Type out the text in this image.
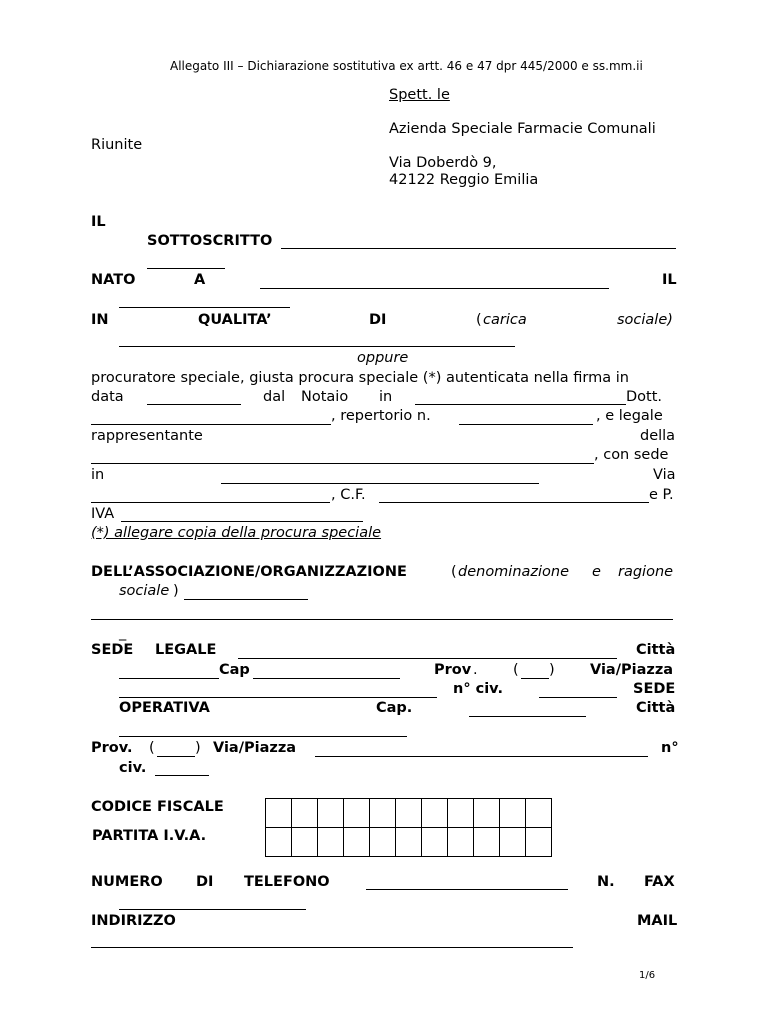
Allegato III – Dichiarazione sostitutiva ex artt. 46 e 47 dpr 445/2000 e ss.mm.ii
Spett. le
Azienda Speciale Farmacie Comunali
Riunite
Via Doberdò 9,
42122 Reggio Emilia
IL
SOTTOSCRITTO
NATO	A	IL
IN	QUALITA’	DI	( carica	sociale)
oppure
procuratore speciale, giusta procura speciale (*) autenticata nella firma in
data	dal Notaio in	Dott.
, repertorio n.	, e legale
rappresentante	della
, con sede
in	Via
, C.F.	e P.
IVA
(*) allegare copia della procura speciale
DELL’ASSOCIAZIONE/ORGANIZZAZIONE	( denominazione e ragione
sociale )
_
SEDE LEGALE	Città
Cap	Prov . ( ) Via/Piazza
n° civ.	SEDE
OPERATIVA	Cap.	Città
Prov. (	) Via/Piazza	n°
civ.
CODICE FISCALE
PARTITA I.V.A.

NUMERO DI TELEFONO	N. FAX
INDIRIZZO	MAIL
1/6
